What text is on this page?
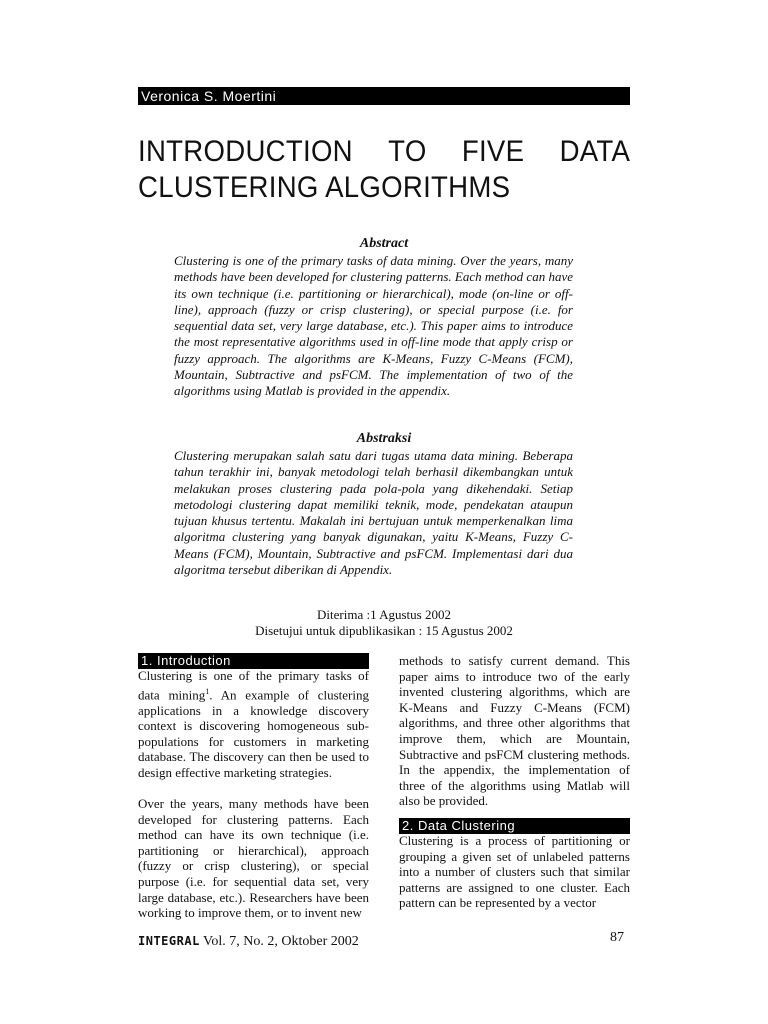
Veronica S. Moertini
INTRODUCTION TO FIVE DATA
CLUSTERING ALGORITHMS
Abstract
Clustering is one of the primary tasks of data mining. Over the years, many methods have been developed for clustering patterns. Each method can have its own technique (i.e. partitioning or hierarchical), mode (on-line or off-line), approach (fuzzy or crisp clustering), or special purpose (i.e. for sequential data set, very large database, etc.). This paper aims to introduce the most representative algorithms used in off-line mode that apply crisp or fuzzy approach. The algorithms are K-Means, Fuzzy C-Means (FCM), Mountain, Subtractive and psFCM. The implementation of two of the algorithms using Matlab is provided in the appendix.
Abstraksi
Clustering merupakan salah satu dari tugas utama data mining. Beberapa tahun terakhir ini, banyak metodologi telah berhasil dikembangkan untuk melakukan proses clustering pada pola-pola yang dikehendaki. Setiap metodologi clustering dapat memiliki teknik, mode, pendekatan ataupun tujuan khusus tertentu. Makalah ini bertujuan untuk memperkenalkan lima algoritma clustering yang banyak digunakan, yaitu K-Means, Fuzzy C-Means (FCM), Mountain, Subtractive and psFCM. Implementasi dari dua algoritma tersebut diberikan di Appendix.
Diterima :1 Agustus 2002
Disetujui untuk dipublikasikan : 15 Agustus 2002
1. Introduction

Clustering is one of the primary tasks of data mining$^1$. An example of clustering applications in a knowledge discovery context is discovering homogeneous sub-populations for customers in marketing database. The discovery can then be used to design effective marketing strategies.

Over the years, many methods have been developed for clustering patterns. Each method can have its own technique (i.e. partitioning or hierarchical), approach (fuzzy or crisp clustering), or special purpose (i.e. for sequential data set, very large database, etc.). Researchers have been working to improve them, or to invent new

methods to satisfy current demand. This paper aims to introduce two of the early invented clustering algorithms, which are K-Means and Fuzzy C-Means (FCM) algorithms, and three other algorithms that improve them, which are Mountain, Subtractive and psFCM clustering methods. In the appendix, the implementation of three of the algorithms using Matlab will also be provided.

2. Data Clustering

Clustering is a process of partitioning or grouping a given set of unlabeled patterns into a number of clusters such that similar patterns are assigned to one cluster. Each pattern can be represented by a vector

INTEGRAL Vol. 7, No. 2, Oktober 2002	87
